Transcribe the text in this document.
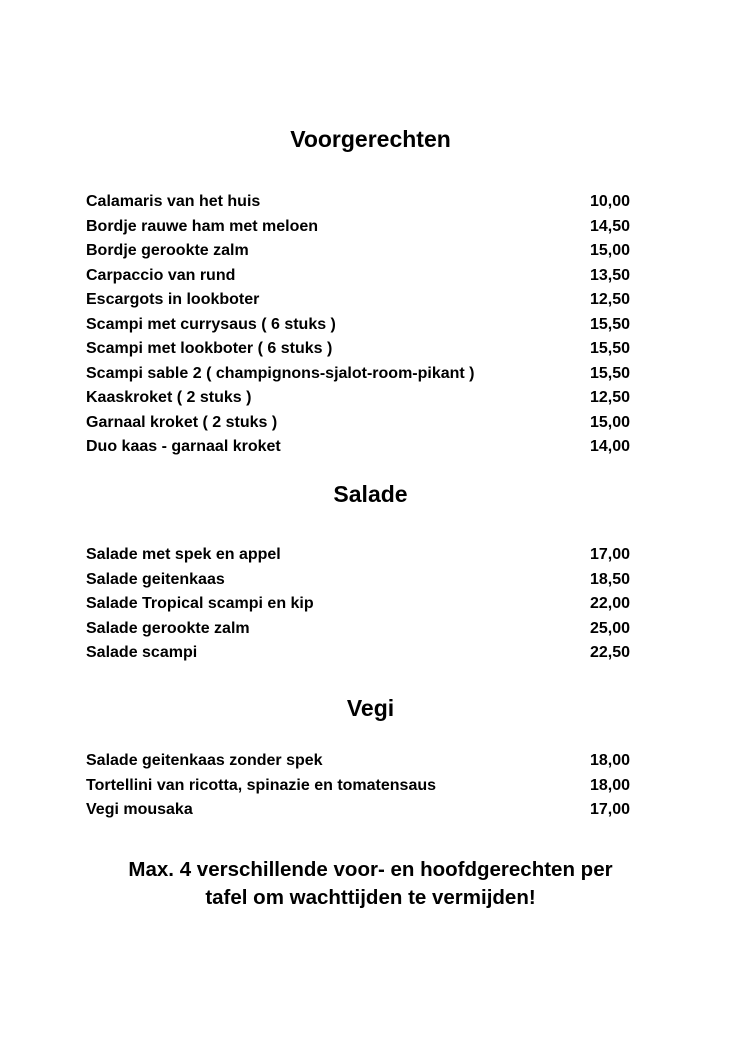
Voorgerechten
Calamaris van het huis	10,00
Bordje rauwe ham met meloen	14,50
Bordje gerookte zalm	15,00
Carpaccio van rund	13,50
Escargots in lookboter	12,50
Scampi met currysaus ( 6 stuks )	15,50
Scampi met lookboter ( 6 stuks )	15,50
Scampi sable 2 ( champignons-sjalot-room-pikant )	15,50
Kaaskroket ( 2 stuks )	12,50
Garnaal kroket ( 2 stuks )	15,00
Duo kaas - garnaal kroket	14,00
Salade
Salade met spek en appel	17,00
Salade geitenkaas	18,50
Salade Tropical scampi en kip	22,00
Salade gerookte zalm	25,00
Salade scampi	22,50
Vegi
Salade geitenkaas zonder spek	18,00
Tortellini van ricotta, spinazie en tomatensaus	18,00
Vegi mousaka	17,00

Max. 4 verschillende voor- en hoofdgerechten per
tafel om wachttijden te vermijden!
